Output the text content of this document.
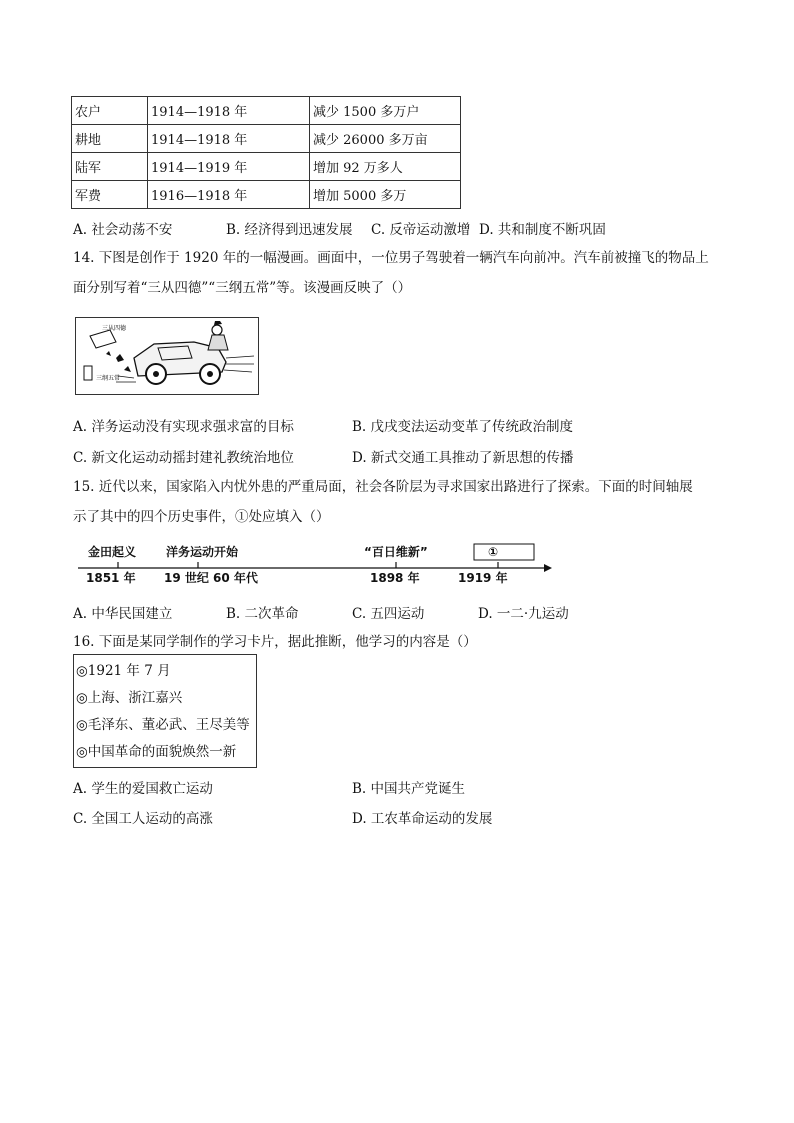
农户	1914—1918 年	减少 1500 多万户
耕地	1914—1918 年	减少 26000 多万亩
陆军	1914—1919 年	增加 92 万多人
军费	1916—1918 年	增加 5000 多万
A. 社会动荡不安	B. 经济得到迅速发展 C. 反帝运动激增 D. 共和制度不断巩固
14. 下图是创作于 1920 年的一幅漫画。画面中，一位男子驾驶着一辆汽车向前冲。汽车前被撞飞的物品上
面分别写着“三从四德”“三纲五常”等。该漫画反映了（）
三从四德
三纲五常
A. 洋务运动没有实现求强求富的目标	B. 戊戌变法运动变革了传统政治制度
C. 新文化运动动摇封建礼教统治地位	D. 新式交通工具推动了新思想的传播
15. 近代以来，国家陷入内忧外患的严重局面，社会各阶层为寻求国家出路进行了探索。下面的时间轴展
示了其中的四个历史事件，①处应填入（）
金田起义 洋务运动开始	“百日维新”	①
1851 年 19 世纪 60 年代	1898 年	1919 年
A. 中华民国建立	B. 二次革命	C. 五四运动	D. 一二·九运动
16. 下面是某同学制作的学习卡片，据此推断，他学习的内容是（）
◎1921 年 7 月
◎上海、浙江嘉兴
◎毛泽东、董必武、王尽美等
◎中国革命的面貌焕然一新
A. 学生的爱国救亡运动	B. 中国共产党诞生
C. 全国工人运动的高涨	D. 工农革命运动的发展
